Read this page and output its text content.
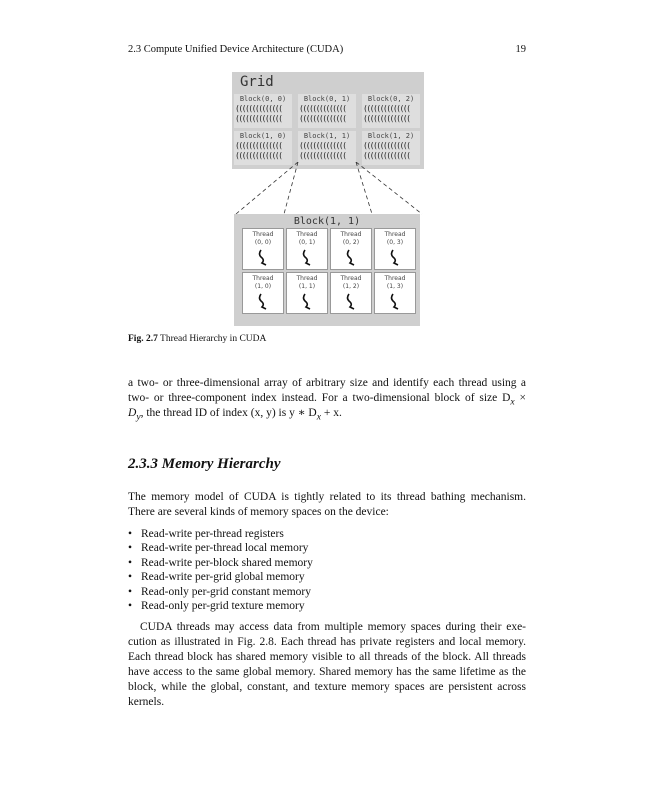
2.3 Compute Unified Device Architecture (CUDA)	19
Grid
Block(0, 0)
((((((((((((((
((((((((((((((
Block(0, 1)
((((((((((((((
((((((((((((((
Block(0, 2)
((((((((((((((
((((((((((((((
Block(1, 0)
((((((((((((((
((((((((((((((
Block(1, 1)
((((((((((((((
((((((((((((((
Block(1, 2)
((((((((((((((
((((((((((((((
Block(1, 1)
Thread
(0, 0)
Thread
(0, 1)
Thread
(0, 2)
Thread
(0, 3)
Thread
(1, 0)
Thread
(1, 1)
Thread
(1, 2)
Thread
(1, 3)
Fig. 2.7 Thread Hierarchy in CUDA
a two- or three-dimensional array of arbitrary size and identify each thread using a
two- or three-component index instead. For a two-dimensional block of size $D_x$ ×
$D_y$, the thread ID of index (x, y) is y ∗ $D_x + x$.
2.3.3 Memory Hierarchy
The memory model of CUDA is tightly related to its thread bathing mechanism.
There are several kinds of memory spaces on the device:
• Read-write per-thread registers
• Read-write per-thread local memory
• Read-write per-block shared memory
• Read-write per-grid global memory
• Read-only per-grid constant memory
• Read-only per-grid texture memory
CUDA threads may access data from multiple memory spaces during their exe-
cution as illustrated in Fig. 2.8. Each thread has private registers and local memory.
Each thread block has shared memory visible to all threads of the block. All threads
have access to the same global memory. Shared memory has the same lifetime as the
block, while the global, constant, and texture memory spaces are persistent across
kernels.
